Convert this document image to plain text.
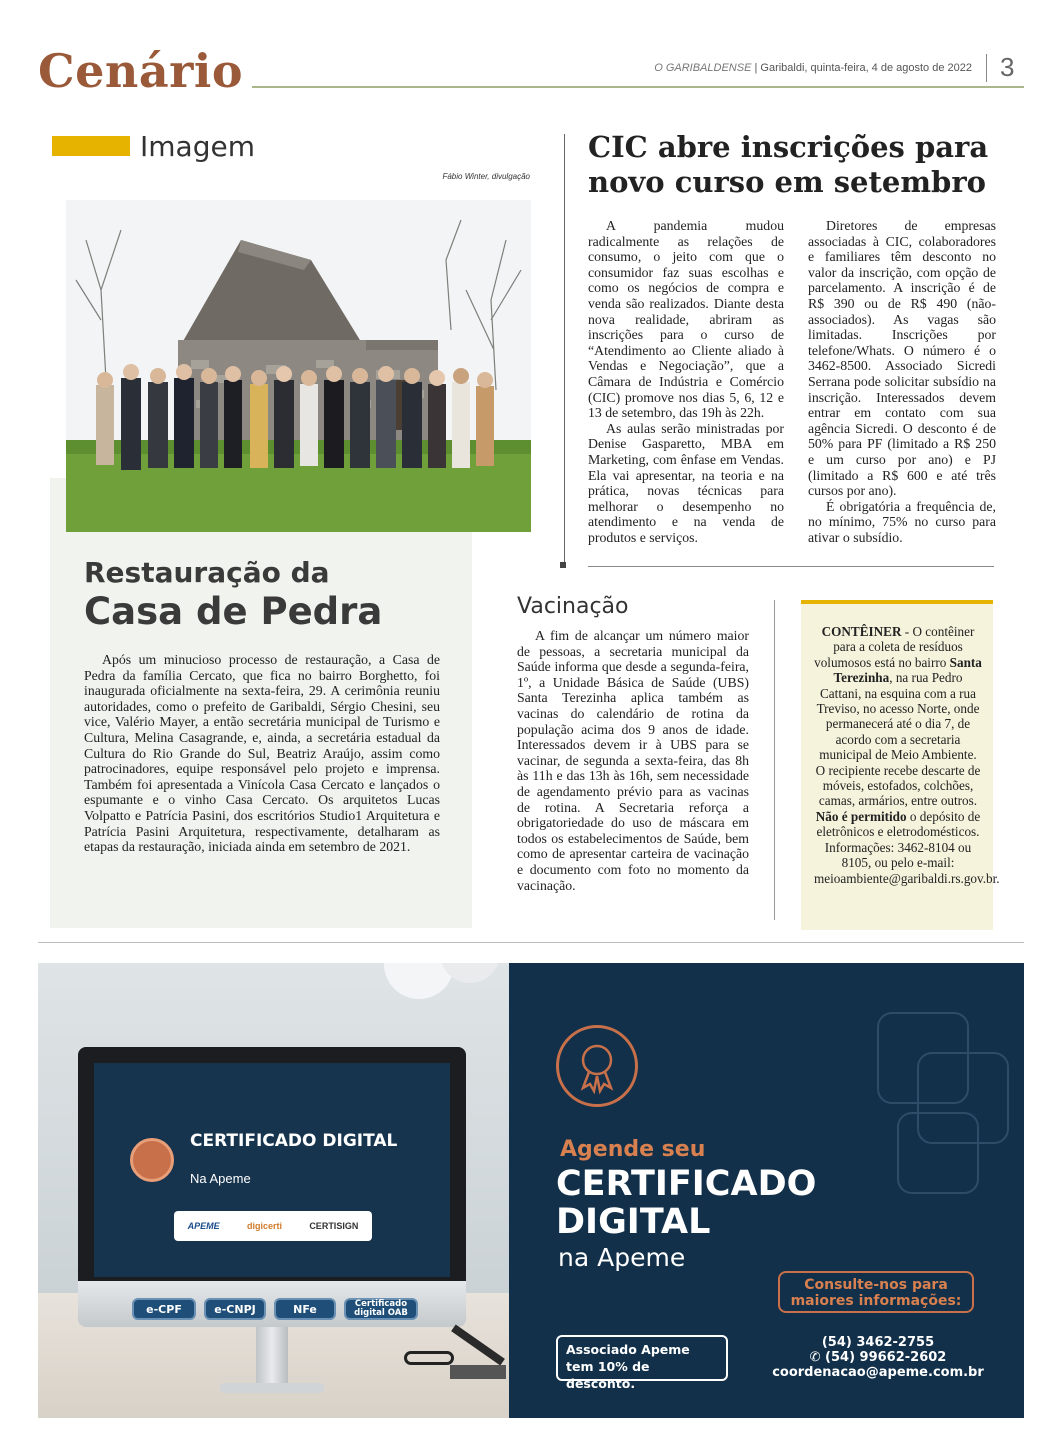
Cenário	O GARIBALDENSE | Garibaldi, quinta-feira, 4 de agosto de 2022 3
Imagem
Fábio Winter, divulgação
Restauração da
Casa de Pedra

Após um minucioso processo de restauração, a Casa de Pedra da família Cercato, que fica no bairro Borghetto, foi inaugurada oficialmente na sexta-feira, 29. A cerimônia reuniu autoridades, como o prefeito de Garibaldi, Sérgio Chesini, seu vice, Valério Mayer, a então secretária municipal de Turismo e Cultura, Melina Casagrande, e, ainda, a secretária estadual da Cultura do Rio Grande do Sul, Beatriz Araújo, assim como patrocinadores, equipe responsável pelo projeto e imprensa. Também foi apresentada a Vinícola Casa Cercato e lançados o espumante e o vinho Casa Cercato. Os arquitetos Lucas Volpatto e Patrícia Pasini, dos escritórios Studio1 Arquitetura e Patrícia Pasini Arquitetura, respectivamente, detalharam as etapas da restauração, iniciada ainda em setembro de 2021.

CIC abre inscrições para novo curso em setembro

A pandemia mudou radicalmente as relações de consumo, o jeito com que o consumidor faz suas escolhas e como os negócios de compra e venda são realizados. Diante desta nova realidade, abriram as inscrições para o curso de “Atendimento ao Cliente aliado à Vendas e Negociação”, que a Câmara de Indústria e Comércio (CIC) promove nos dias 5, 6, 12 e 13 de setembro, das 19h às 22h.

As aulas serão ministradas por Denise Gasparetto, MBA em Marketing, com ênfase em Vendas. Ela vai apresentar, na teoria e na prática, novas técnicas para melhorar o desempenho no atendimento e na venda de produtos e serviços.

Diretores de empresas associadas à CIC, colaboradores e familiares têm desconto no valor da inscrição, com opção de parcelamento. A inscrição é de R$ 390 ou de R$ 490 (não-associados). As vagas são limitadas. Inscrições por telefone/Whats. O número é o 3462-8500. Associado Sicredi Serrana pode solicitar subsídio na inscrição. Interessados devem entrar em contato com sua agência Sicredi. O desconto é de 50% para PF (limitado a R$ 250 e um curso por ano) e PJ (limitado a R$ 600 e até três cursos por ano).

É obrigatória a frequência de, no mínimo, 75% no curso para ativar o subsídio.

Vacinação

A fim de alcançar um número maior de pessoas, a secretaria municipal da Saúde informa que desde a segunda-feira, 1º, a Unidade Básica de Saúde (UBS) Santa Terezinha aplica também as vacinas do calendário de rotina da população acima dos 9 anos de idade. Interessados devem ir à UBS para se vacinar, de segunda a sexta-feira, das 8h às 11h e das 13h às 16h, sem necessidade de agendamento prévio para as vacinas de rotina. A Secretaria reforça a obrigatoriedade do uso de máscara em todos os estabelecimentos de Saúde, bem como de apresentar carteira de vacinação e documento com foto no momento da vacinação.

CONTÊINER - O contêiner para a coleta de resíduos volumosos está no bairro Santa Terezinha, na rua Pedro Cattani, na esquina com a rua Treviso, no acesso Norte, onde permanecerá até o dia 7, de acordo com a secretaria municipal de Meio Ambiente. O recipiente recebe descarte de móveis, estofados, colchões, camas, armários, entre outros. Não é permitido o depósito de eletrônicos e eletrodomésticos. Informações: 3462-8104 ou 8105, ou pelo e-mail: meioambiente@garibaldi.rs.gov.br.
CERTIFICADO DIGITAL
Na Apeme
APEME	digicerti	CERTISIGN
e-CPF	e-CNPJ	NFe	Certificado digital OAB
Agende seu
CERTIFICADO DIGITAL
na Apeme
Consulte-nos para maiores informações:
Associado Apeme tem 10% de desconto.
(54) 3462-2755
✆ (54) 99662-2602
coordenacao@apeme.com.br
